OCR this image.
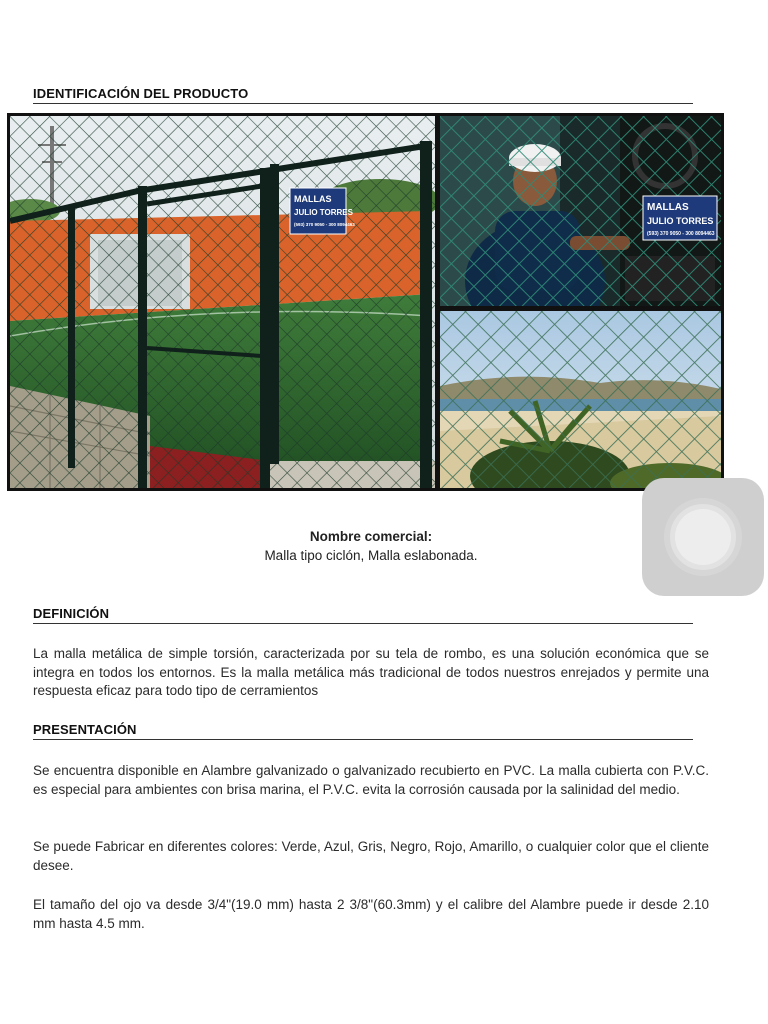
IDENTIFICACIÓN DEL PRODUCTO
MALLAS
JULIO TORRES
(593) 370 9050 - 300 8094463
MALLAS
JULIO TORRES
(593) 370 9050 - 300 8094463
Nombre comercial:
Malla tipo ciclón, Malla eslabonada.
DEFINICIÓN
La malla metálica de simple torsión, caracterizada por su tela de rombo, es una solución económica que se integra en todos los entornos. Es la malla metálica más tradicional de todos nuestros enrejados y permite una respuesta eficaz para todo tipo de cerramientos
PRESENTACIÓN
Se encuentra disponible en Alambre galvanizado o galvanizado recubierto en PVC. La malla cubierta con P.V.C. es especial para ambientes con brisa marina, el P.V.C. evita la corrosión causada por la salinidad del medio.
Se puede Fabricar en diferentes colores: Verde, Azul, Gris, Negro, Rojo, Amarillo, o cualquier color que el cliente desee.
El tamaño del ojo va desde 3/4"(19.0 mm) hasta 2 3/8"(60.3mm) y el calibre del Alambre puede ir desde 2.10 mm hasta 4.5 mm.
